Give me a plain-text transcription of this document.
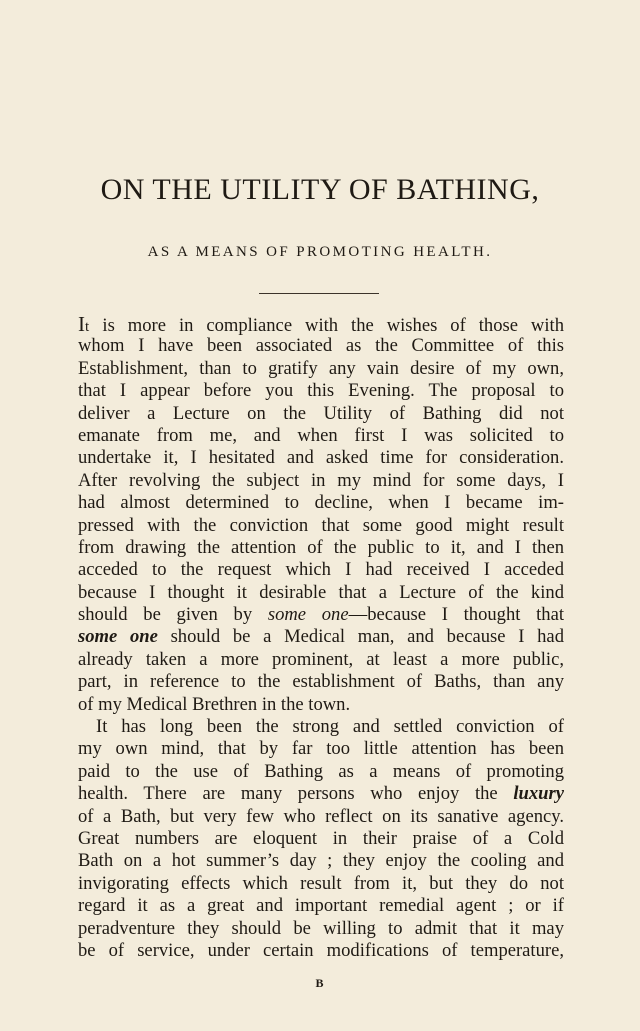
ON THE UTILITY OF BATHING,
AS A MEANS OF PROMOTING HEALTH.
It is more in compliance with the wishes of those with
whom I have been associated as the Committee of this
Establishment, than to gratify any vain desire of my own,
that I appear before you this Evening. The proposal to
deliver a Lecture on the Utility of Bathing did not
emanate from me, and when first I was solicited to
undertake it, I hesitated and asked time for consideration.
After revolving the subject in my mind for some days, I
had almost determined to decline, when I became im-
pressed with the conviction that some good might result
from drawing the attention of the public to it, and I then
acceded to the request which I had received I acceded
because I thought it desirable that a Lecture of the kind
should be given by some one—because I thought that
some one should be a Medical man, and because I had
already taken a more prominent, at least a more public,
part, in reference to the establishment of Baths, than any
of my Medical Brethren in the town.
It has long been the strong and settled conviction of
my own mind, that by far too little attention has been
paid to the use of Bathing as a means of promoting
health. There are many persons who enjoy the luxury
of a Bath, but very few who reflect on its sanative agency.
Great numbers are eloquent in their praise of a Cold
Bath on a hot summer’s day ; they enjoy the cooling and
invigorating effects which result from it, but they do not
regard it as a great and important remedial agent ; or if
peradventure they should be willing to admit that it may
be of service, under certain modifications of temperature,
B
